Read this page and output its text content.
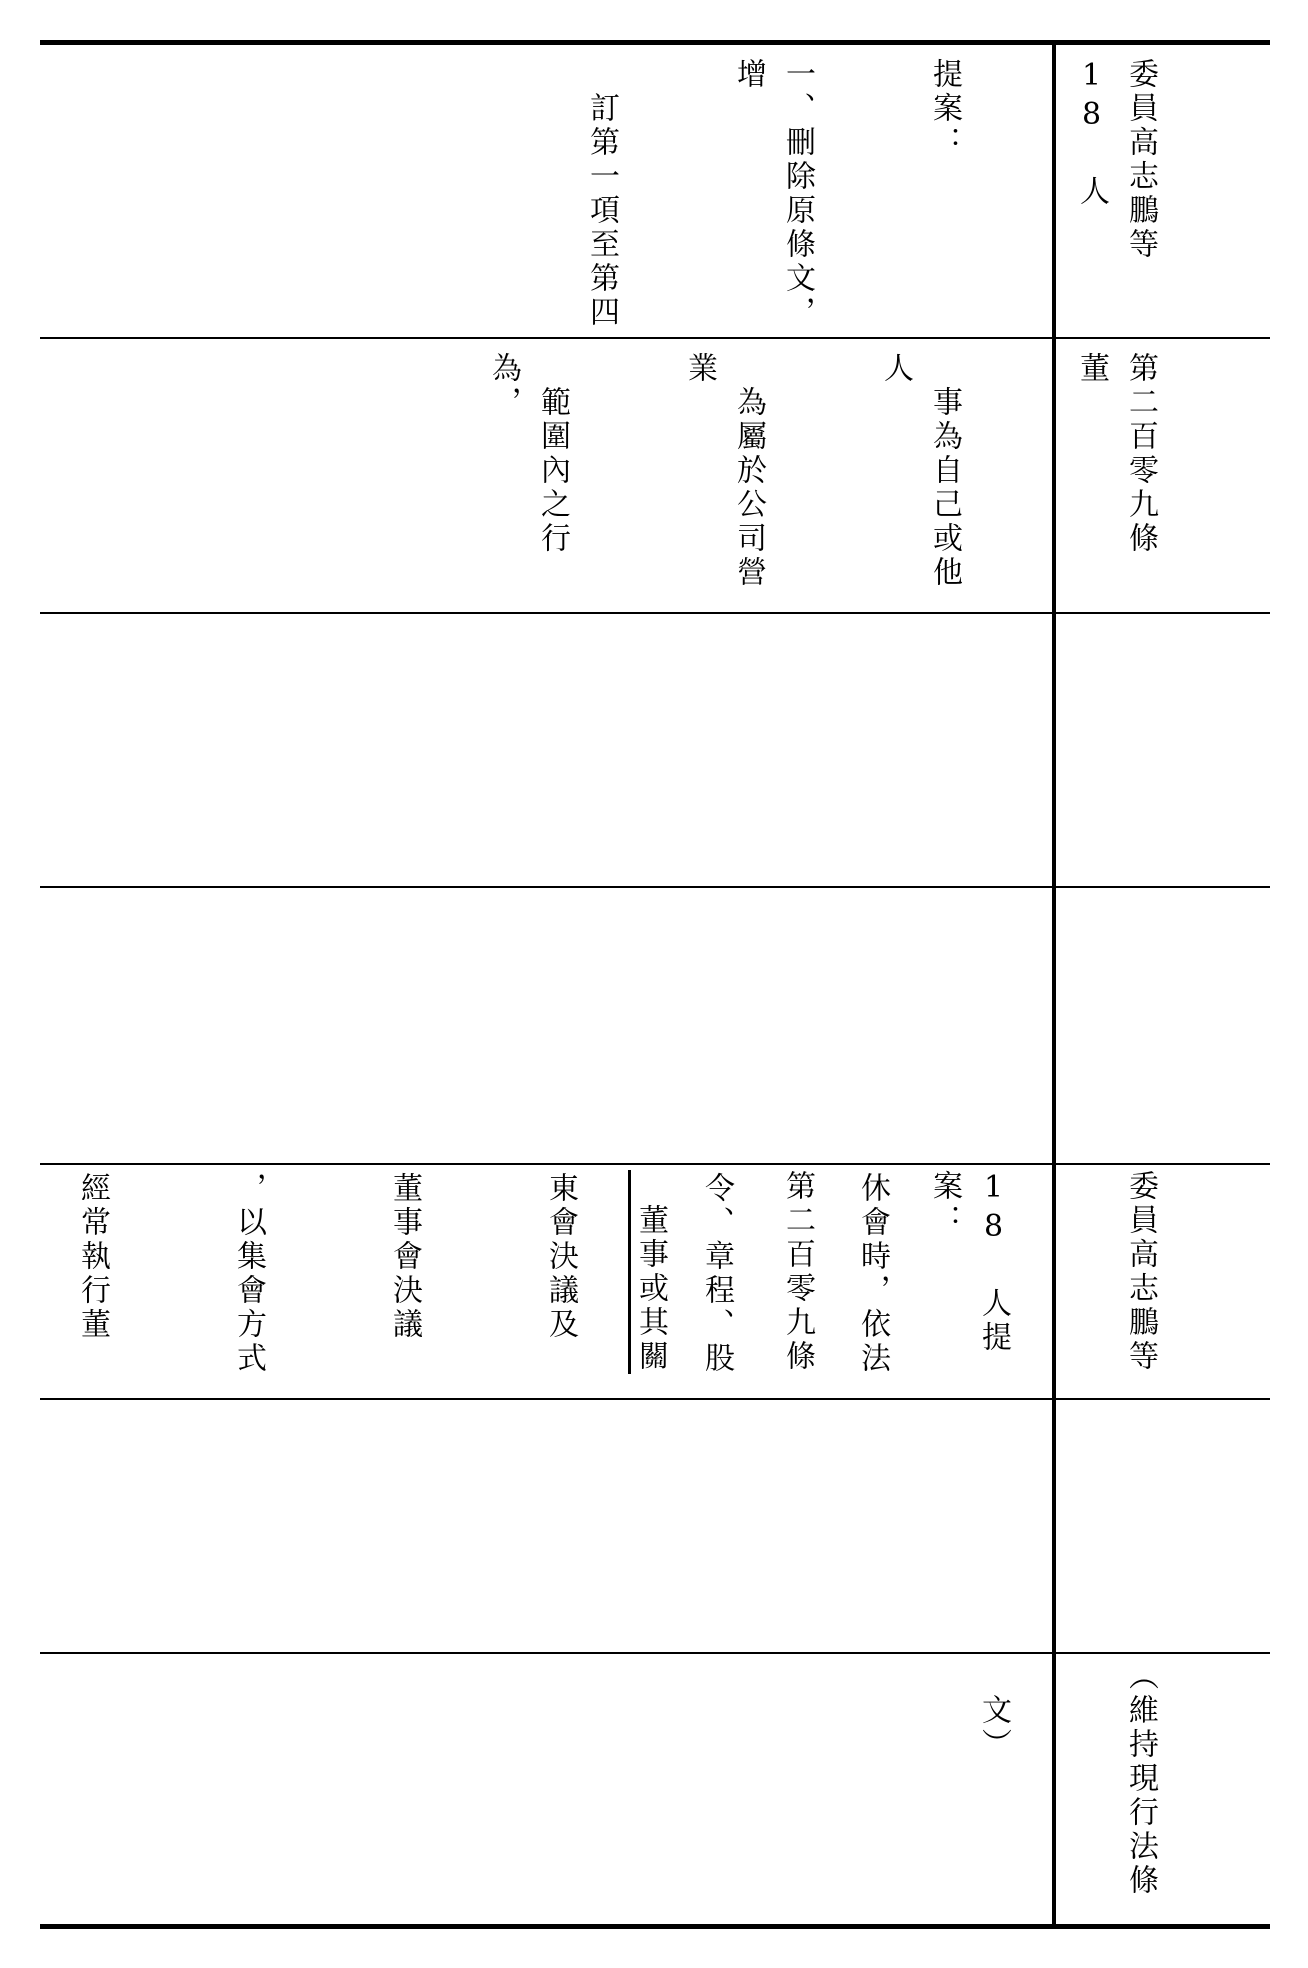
委員高志鵬等 18 人

提案：

一、刪除原條文，增

　訂第一項至第四

第二百零九條　董

　事為自己或他人

　為屬於公司營業

　範圍內之行為，

委員高志鵬等

18 人提案：

第二百零九條

　董事或其關

	休會時，依法

令、章程、股

東會決議及

董事會決議

，以集會方式

經常執行董

（維持現行法條

　文）
